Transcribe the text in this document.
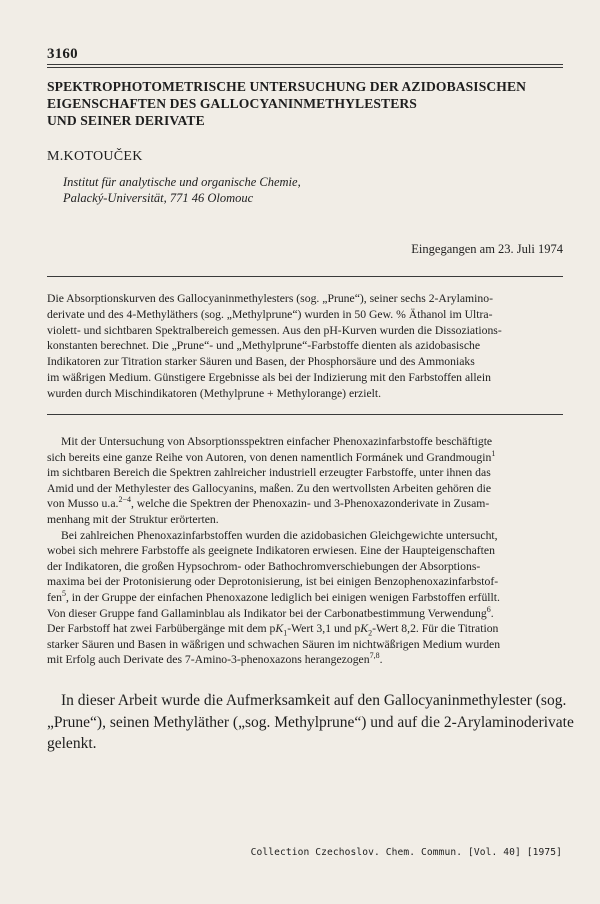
3160
SPEKTROPHOTOMETRISCHE UNTERSUCHUNG DER AZIDOBASISCHEN
EIGENSCHAFTEN DES GALLOCYANINMETHYLESTERS
UND SEINER DERIVATE
M.KOTOUČEK
Institut für analytische und organische Chemie,
Palacký-Universität, 771 46 Olomouc
Eingegangen am 23. Juli 1974
Die Absorptionskurven des Gallocyaninmethylesters (sog. „Prune“), seiner sechs 2-Arylamino-
derivate und des 4-Methyläthers (sog. „Methylprune“) wurden in 50 Gew. % Äthanol im Ultra-
violett- und sichtbaren Spektralbereich gemessen. Aus den pH-Kurven wurden die Dissoziations-
konstanten berechnet. Die „Prune“- und „Methylprune“-Farbstoffe dienten als azidobasische
Indikatoren zur Titration starker Säuren und Basen, der Phosphorsäure und des Ammoniaks
im wäßrigen Medium. Günstigere Ergebnisse als bei der Indizierung mit den Farbstoffen allein
wurden durch Mischindikatoren (Methylprune + Methylorange) erzielt.
Mit der Untersuchung von Absorptionsspektren einfacher Phenoxazinfarbstoffe beschäftigte
sich bereits eine ganze Reihe von Autoren, von denen namentlich Formánek und Grandmougin$^1$
im sichtbaren Bereich die Spektren zahlreicher industriell erzeugter Farbstoffe, unter ihnen das
Amid und der Methylester des Gallocyanins, maßen. Zu den wertvollsten Arbeiten gehören die
von Musso u.a.$^{2-4}$, welche die Spektren der Phenoxazin- und 3-Phenoxazonderivate in Zusam-
menhang mit der Struktur erörterten.
Bei zahlreichen Phenoxazinfarbstoffen wurden die azidobasichen Gleichgewichte untersucht,
wobei sich mehrere Farbstoffe als geeignete Indikatoren erwiesen. Eine der Haupteigenschaften
der Indikatoren, die großen Hypsochrom- oder Bathochromverschiebungen der Absorptions-
maxima bei der Protonisierung oder Deprotonisierung, ist bei einigen Benzophenoxazinfarbstof-
fen$^5$, in der Gruppe der einfachen Phenoxazone lediglich bei einigen wenigen Farbstoffen erfüllt.
Von dieser Gruppe fand Gallaminblau als Indikator bei der Carbonatbestimmung Verwendung$^6$.
Der Farbstoff hat zwei Farbübergänge mit dem $pK_1$-Wert 3,1 und $pK_2$-Wert 8,2. Für die Titration
starker Säuren und Basen in wäßrigen und schwachen Säuren im nichtwäßrigen Medium wurden
mit Erfolg auch Derivate des 7-Amino-3-phenoxazons herangezogen$^{7,8}$.
In dieser Arbeit wurde die Aufmerksamkeit auf den Gallocyaninmethylester (sog.
„Prune“), seinen Methyläther („sog. Methylprune“) und auf die 2-Arylaminoderivate
gelenkt.
Collection Czechoslov. Chem. Commun. [Vol. 40] [1975]
